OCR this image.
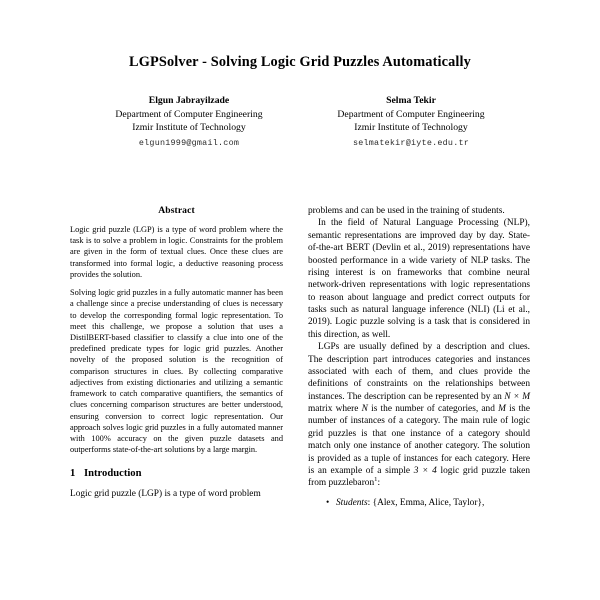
LGPSolver - Solving Logic Grid Puzzles Automatically
Elgun Jabrayilzade
Department of Computer Engineering
Izmir Institute of Technology
elgun1999@gmail.com
Selma Tekir
Department of Computer Engineering
Izmir Institute of Technology
selmatekir@iyte.edu.tr
Abstract

Logic grid puzzle (LGP) is a type of word problem where the task is to solve a problem in logic. Constraints for the problem are given in the form of textual clues. Once these clues are transformed into formal logic, a deductive reasoning process provides the solution.

Solving logic grid puzzles in a fully automatic manner has been a challenge since a precise understanding of clues is necessary to develop the corresponding formal logic representation. To meet this challenge, we propose a solution that uses a DistilBERT-based classifier to classify a clue into one of the predefined predicate types for logic grid puzzles. Another novelty of the proposed solution is the recognition of comparison structures in clues. By collecting comparative adjectives from existing dictionaries and utilizing a semantic framework to catch comparative quantifiers, the semantics of clues concerning comparison structures are better understood, ensuring conversion to correct logic representation. Our approach solves logic grid puzzles in a fully automated manner with 100% accuracy on the given puzzle datasets and outperforms state-of-the-art solutions by a large margin.

1 Introduction

Logic grid puzzle (LGP) is a type of word problem

problems and can be used in the training of students.

In the field of Natural Language Processing (NLP), semantic representations are improved day by day. State-of-the-art BERT (Devlin et al., 2019) representations have boosted performance in a wide variety of NLP tasks. The rising interest is on frameworks that combine neural network-driven representations with logic representations to reason about language and predict correct outputs for tasks such as natural language inference (NLI) (Li et al., 2019). Logic puzzle solving is a task that is considered in this direction, as well.

LGPs are usually defined by a description and clues. The description part introduces categories and instances associated with each of them, and clues provide the definitions of constraints on the relationships between instances. The description can be represented by an N × M matrix where N is the number of categories, and M is the number of instances of a category. The main rule of logic grid puzzles is that one instance of a category should match only one instance of another category. The solution is provided as a tuple of instances for each category. Here is an example of a simple 3 × 4 logic grid puzzle taken from puzzlebaron$^1$:

• Students: {Alex, Emma, Alice, Taylor},
